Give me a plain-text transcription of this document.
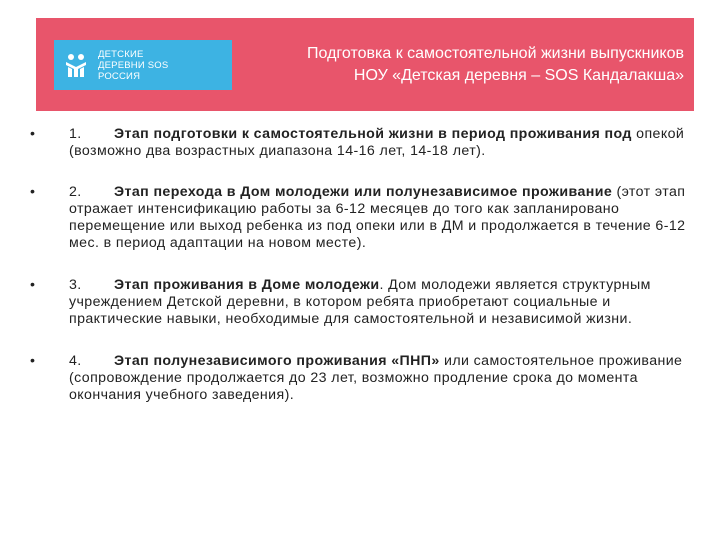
ДЕТСКИЕ
ДЕРЕВНИ SOS
РОССИЯ
Подготовка к самостоятельной жизни выпускников
НОУ «Детская деревня – SOS Кандалакша»
• 1. Этап подготовки к самостоятельной жизни в период проживания под опекой (возможно два возрастных диапазона 14-16 лет, 14-18 лет).
• 2. Этап перехода в Дом молодежи или полунезависимое проживание (этот этап отражает интенсификацию работы за 6-12 месяцев до того как запланировано перемещение или выход ребенка из под опеки или в ДМ и продолжается в течение 6-12 мес. в период адаптации на новом месте).
• 3. Этап проживания в Доме молодежи. Дом молодежи является структурным учреждением Детской деревни, в котором ребята приобретают социальные и практические навыки, необходимые для самостоятельной и независимой жизни.
• 4. Этап полунезависимого проживания «ПНП» или самостоятельное проживание (сопровождение продолжается до 23 лет, возможно продление срока до момента окончания учебного заведения).
